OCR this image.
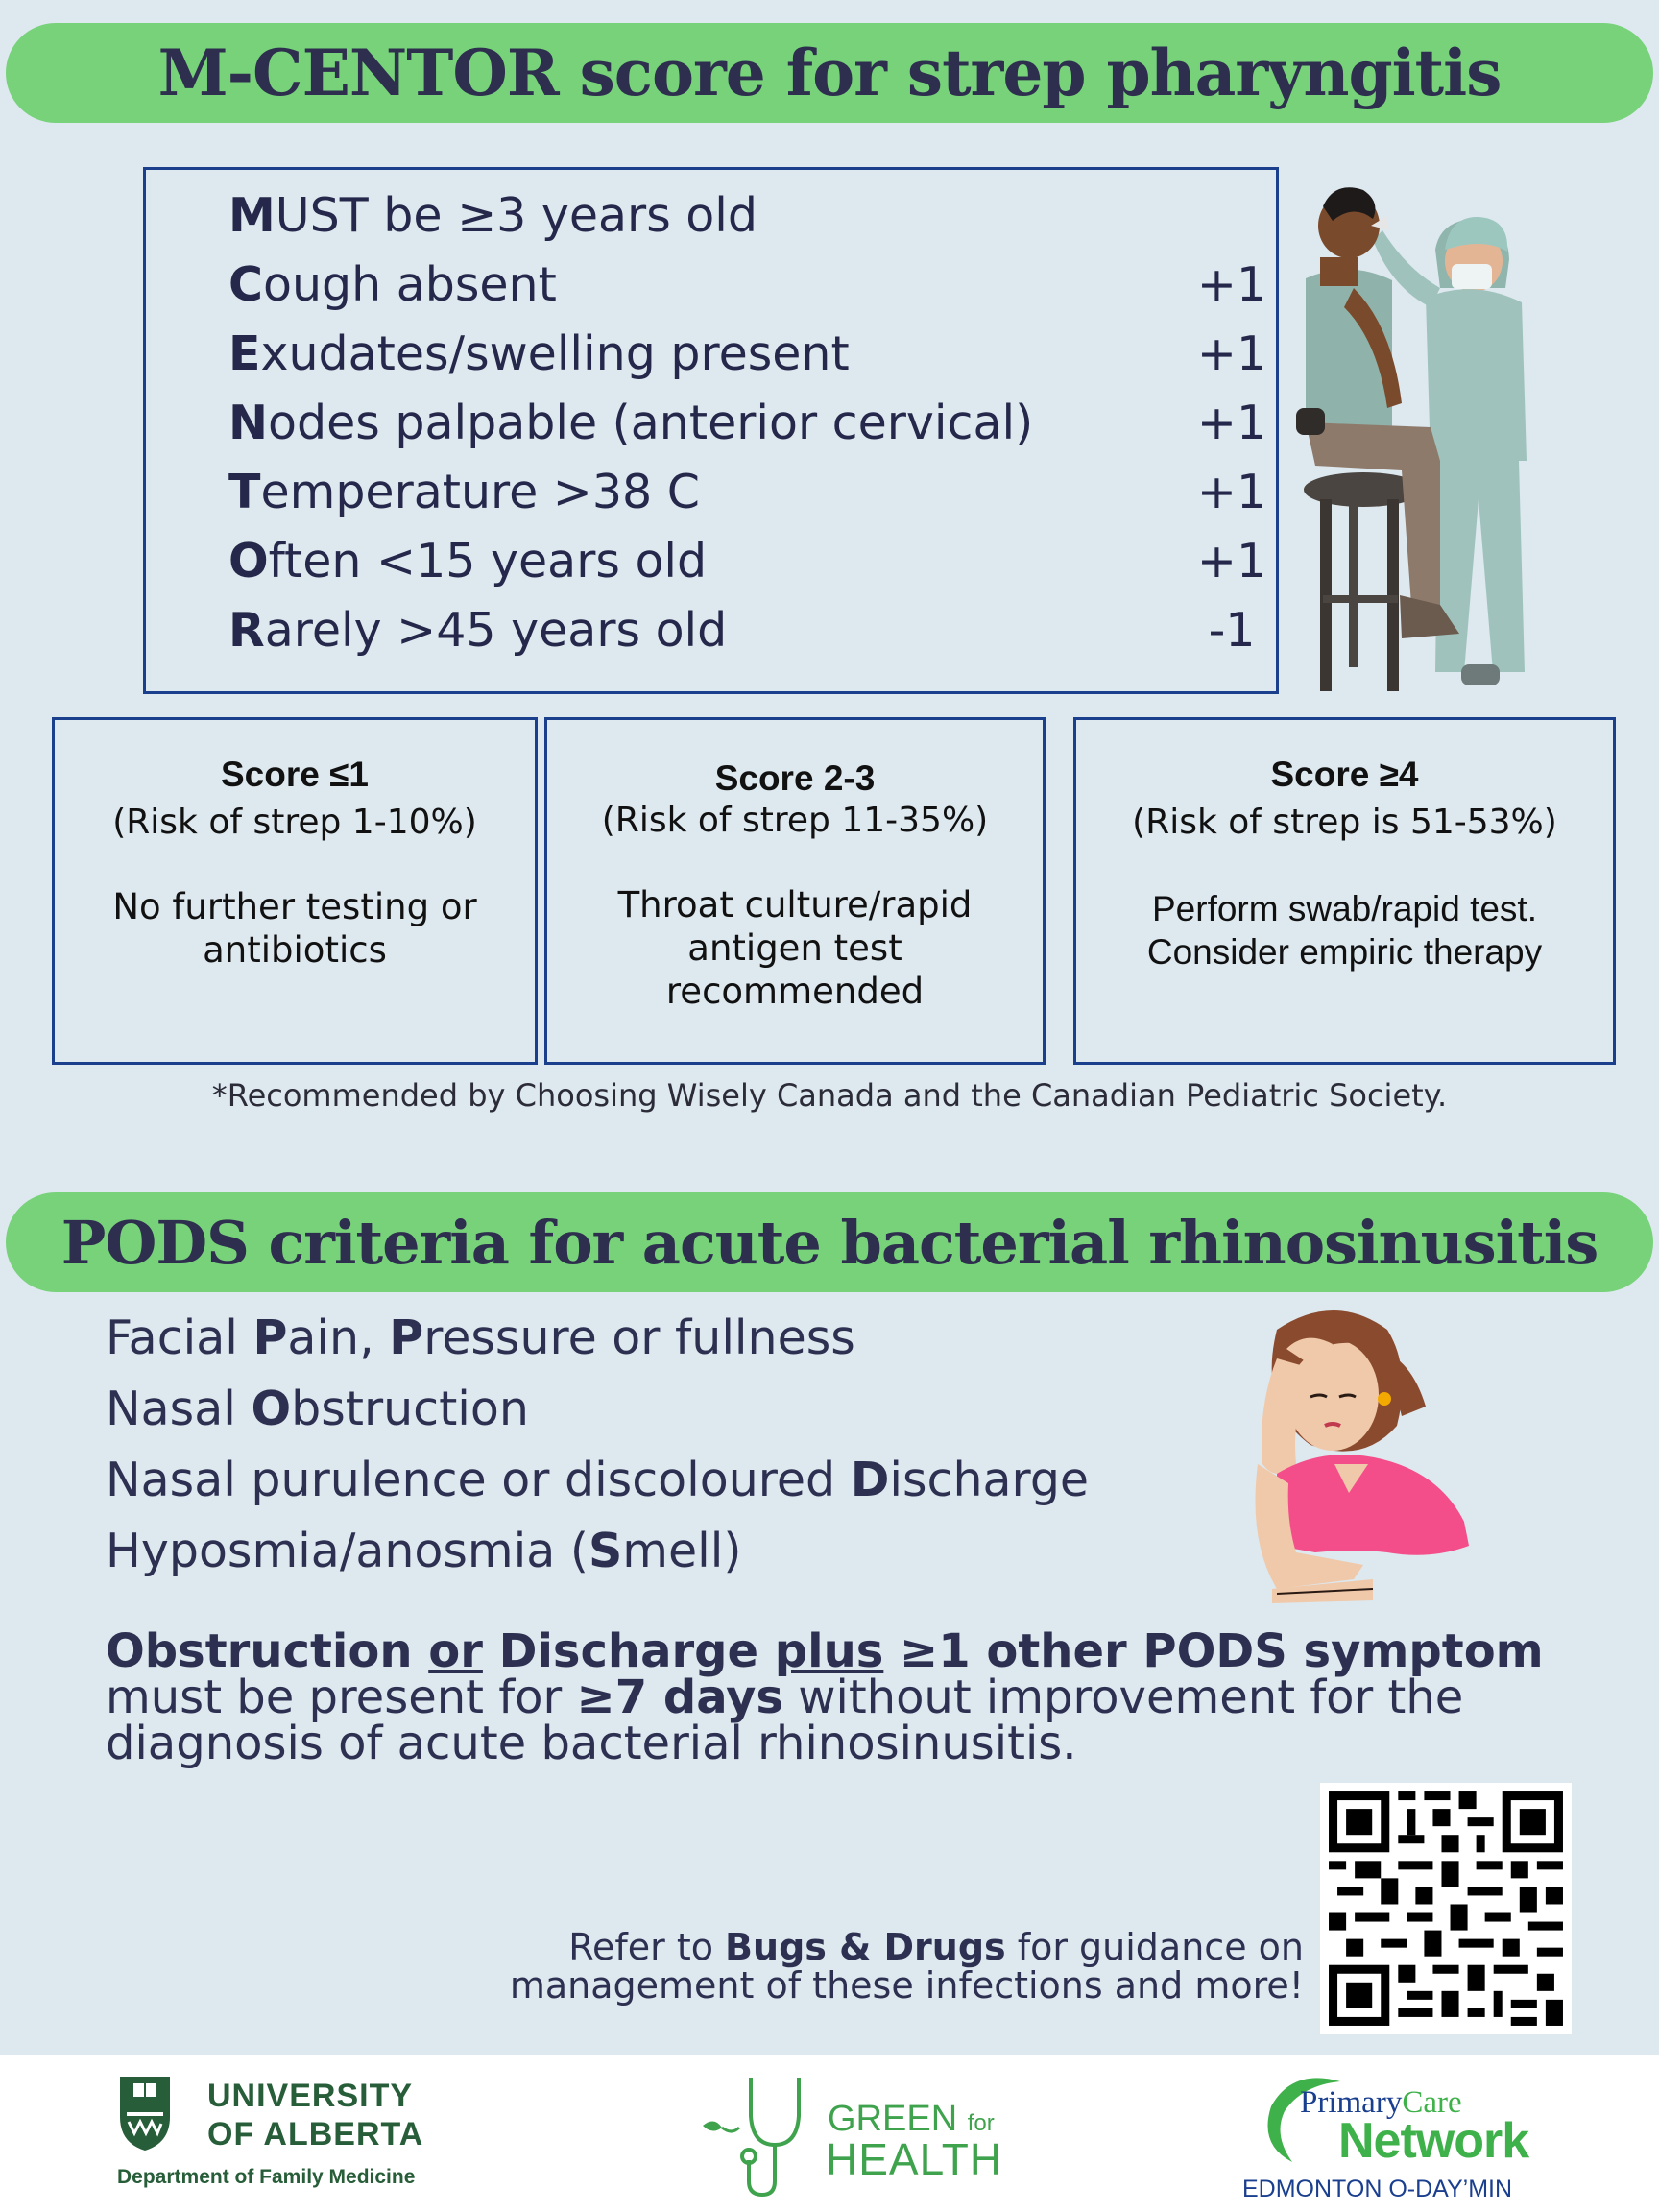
M-CENTOR score for strep pharyngitis
MUST be ≥3 years old
Cough absent	+1
Exudates/swelling present	+1
Nodes palpable (anterior cervical)	+1
Temperature >38 C	+1
Often <15 years old	+1
Rarely >45 years old	-1
Score ≤1
(Risk of strep 1-10%)
No further testing or
antibiotics
Score 2-3
(Risk of strep 11-35%)
Throat culture/rapid
antigen test
recommended
Score ≥4
(Risk of strep is 51-53%)
Perform swab/rapid test.
Consider empiric therapy
*Recommended by Choosing Wisely Canada and the Canadian Pediatric Society.
PODS criteria for acute bacterial rhinosinusitis
Facial Pain, Pressure or fullness
Nasal Obstruction
Nasal purulence or discoloured Discharge
Hyposmia/anosmia (Smell)
Obstruction or Discharge plus ≥1 other PODS symptom must be present for ≥7 days without improvement for the diagnosis of acute bacterial rhinosinusitis.
Refer to Bugs & Drugs for guidance on
management of these infections and more!
UNIVERSITY
OF ALBERTA
Department of Family Medicine
GREEN for
HEALTH
PrimaryCare
Network
EDMONTON O-DAY’MIN
